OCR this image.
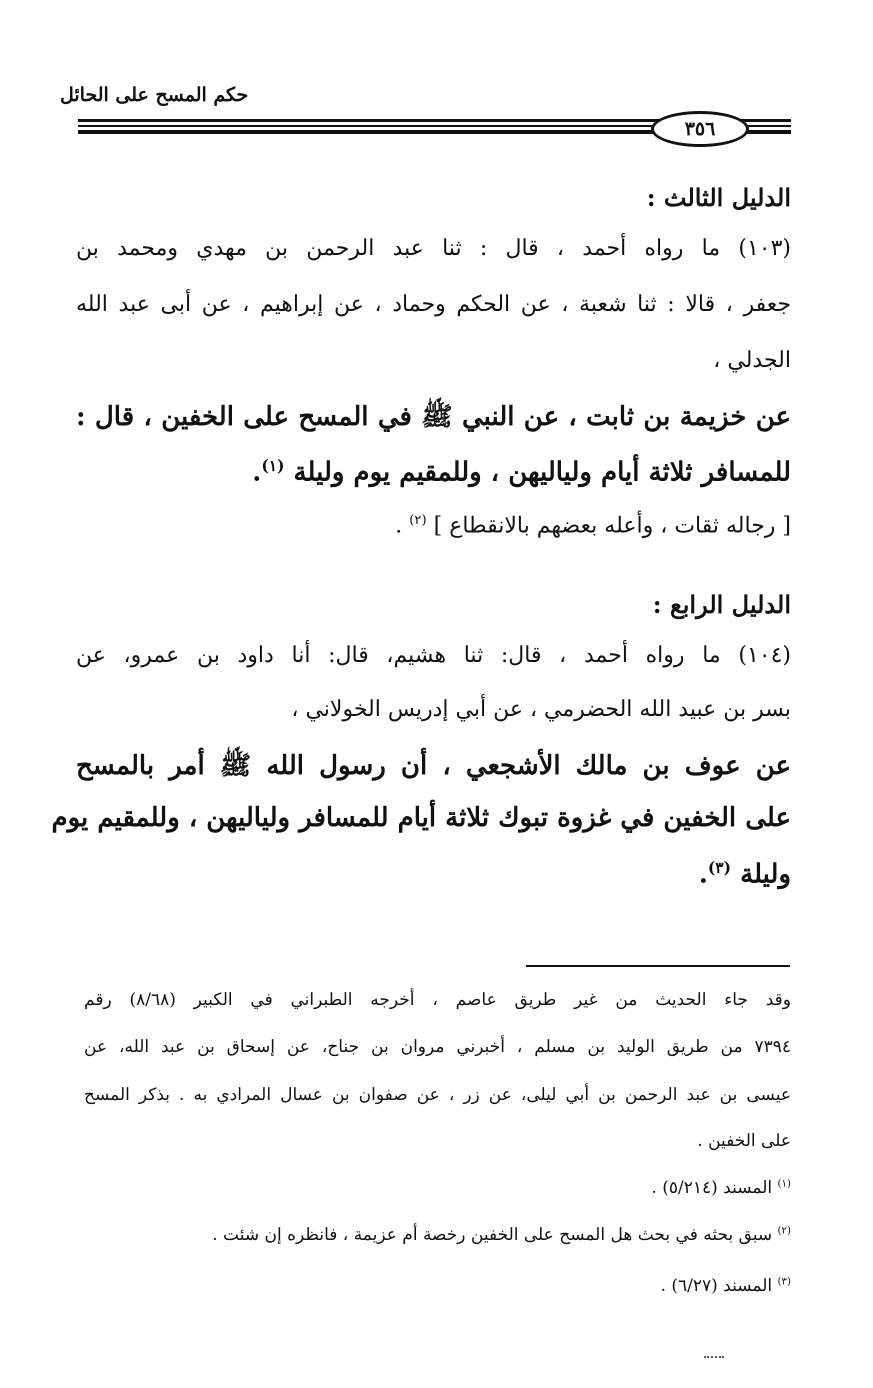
حكم المسح على الحائل
٣٥٦
الدليل الثالث :
(١٠٣) ما رواه أحمد ، قال : ثنا عبد الرحمن بن مهدي ومحمد بن
جعفر ، قالا : ثنا شعبة ، عن الحكم وحماد ، عن إبراهيم ، عن أبى عبد الله
الجدلي ،
عن خزيمة بن ثابت ، عن النبي ﷺ في المسح على الخفين ، قال :
للمسافر ثلاثة أيام ولياليهن ، وللمقيم يوم وليلة $^{(١)}$.
[ رجاله ثقات ، وأعله بعضهم بالانقطاع ] $^{(٢)}$ .
الدليل الرابع :
(١٠٤) ما رواه أحمد ، قال: ثنا هشيم، قال: أنا داود بن عمرو، عن
بسر بن عبيد الله الحضرمي ، عن أبي إدريس الخولاني ،
عن عوف بن مالك الأشجعي ، أن رسول الله ﷺ أمر بالمسح
على الخفين في غزوة تبوك ثلاثة أيام للمسافر ولياليهن ، وللمقيم يوم
وليلة $^{(٣)}$.
وقد جاء الحديث من غير طريق عاصم ، أخرجه الطبراني في الكبير (٨/٦٨) رقم
٧٣٩٤ من طريق الوليد بن مسلم ، أخبرني مروان بن جناح، عن إسحاق بن عبد الله، عن
عيسى بن عبد الرحمن بن أبي ليلى، عن زر ، عن صفوان بن عسال المرادي به . بذكر المسح
على الخفين .
$^{(١)}$ المسند (٥/٢١٤) .
$^{(٢)}$ سبق بحثه في بحث هل المسح على الخفين رخصة أم عزيمة ، فانظره إن شئت .
$^{(٣)}$ المسند (٦/٢٧) .
